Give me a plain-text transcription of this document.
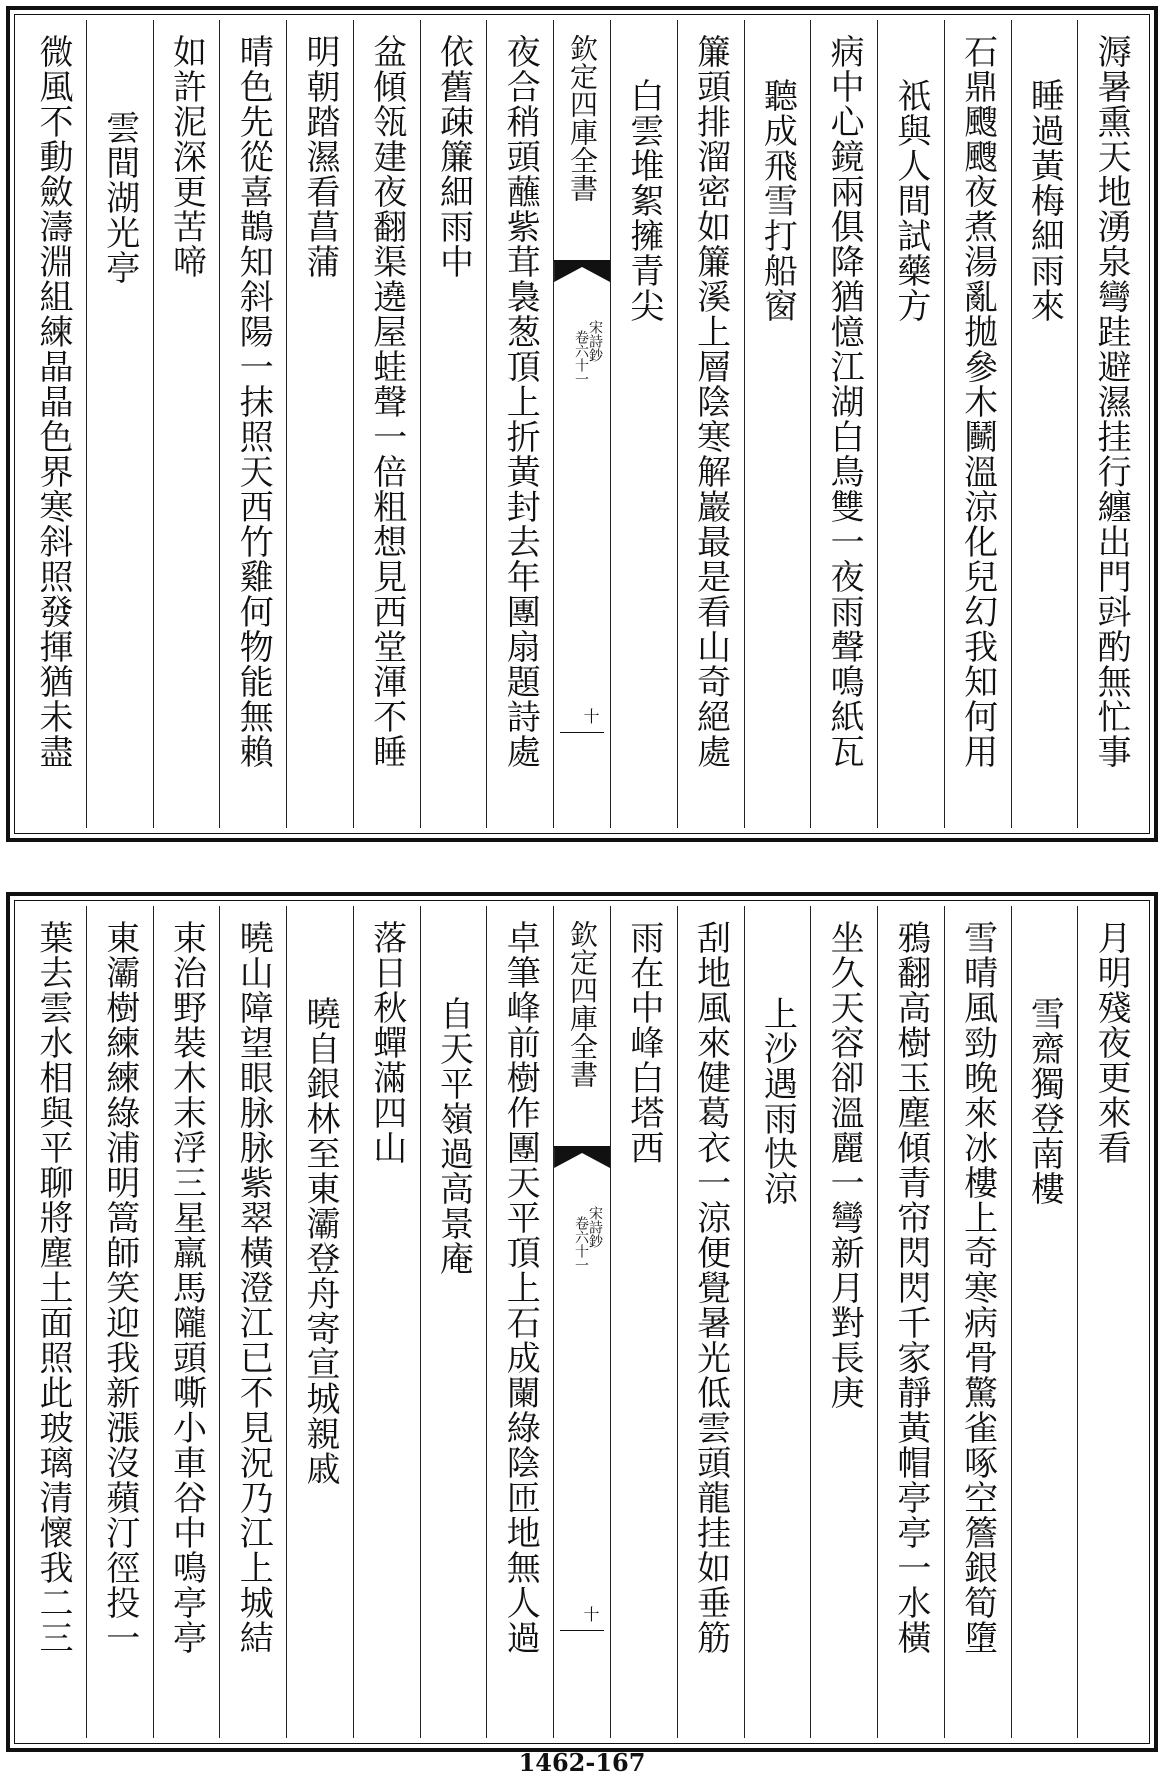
溽暑熏天地湧泉彎跬避濕挂行纏出門㪷酌無忙事
睡過黃梅細雨來
石鼎颼颼夜煮湯亂拋參木鬭溫涼化兒幻我知何用
祇與人間試藥方
病中心鏡兩俱降猶憶江湖白鳥雙一夜雨聲鳴紙瓦
聽成飛雪打船窗
簾頭排溜密如簾溪上層陰寒解巖最是看山奇絕處
白雲堆絮擁青尖
欽定四庫全書
宋詩鈔
卷六十一
十
夜合稍頭蘸紫茸裊葱頂上折黃封去年團扇題詩處
依舊疎簾細雨中
盆傾瓴建夜翻渠遶屋蛙聲一倍粗想見西堂渾不睡
明朝踏濕看菖蒲
晴色先從喜鵲知斜陽一抹照天西竹雞何物能無賴
如許泥深更苦啼
雲間湖光亭
微風不動斂濤淵組練晶晶色界寒斜照發揮猶未盡
月明殘夜更來看
雪齋獨登南樓
雪晴風勁晚來冰樓上奇寒病骨驚雀啄空簷銀筍墮
鴉翻高樹玉塵傾青帘閃閃千家靜黃帽亭亭一水橫
坐久天容卻溫麗一彎新月對長庚
上沙遇雨快涼
刮地風來健葛衣一涼便覺暑光低雲頭龍挂如垂筋
雨在中峰白塔西
欽定四庫全書
宋詩鈔
卷六十一
十
卓筆峰前樹作團天平頂上石成闌綠陰匝地無人過
自天平嶺過高景庵
落日秋蟬滿四山
曉自銀林至東灞登舟寄宣城親戚
曉山障望眼脉脉紫翠橫澄江已不見況乃江上城結
束治野裝木末浮三星羸馬隴頭嘶小車谷中鳴亭亭
東灞樹練練綠浦明篙師笑迎我新漲沒蘋汀徑投一
葉去雲水相與平聊將塵土面照此玻璃清懷我二三
1462-167
